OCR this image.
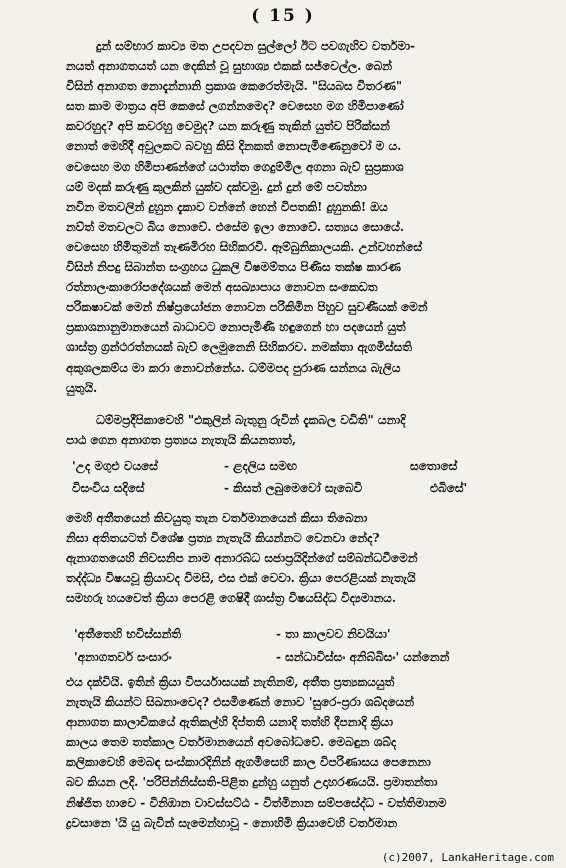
( 15 )

දුන් සම්භාර කාව්‍ය මත උපදවන සුල්ලෝ ඊට පවගැහිව වර්තමා-
නයත් අනාගතයත් යන දෙකින් වූ සුභාශ්‍ය එකක් සජ්වෙල්ල. බෙන්
විසින් අනාගත නොදැන්නානි ප්‍රකාශ කෙරෙත්මැයි. "සියබස විතරණ"
සත කාම මාත්‍රය අපි කෙසේ ලගන්නමෙද? වෙසෙහ මග හිමිපාණෝ
කවරහුද? අපි කවරහු වෙමුද? යන කරුණු තැකින් යුත්ව පිරික්සන්
නොත් මෙහිදී අවුලකට බවහු කිසි දිනකත් නොපැමිණෙනුවෝ ම ය.
වෙසෙහ මග හිමිපාණන්ගේ යථාත්ත ගෙදුම්මිල අගනා බැව් සුප්‍රකාශ
යම් මදක් කරුණු කුලකින් යුක්ව දක්වමු. දුන් දුන් මේ පවත්නා
නවින මතවලින් දුහුන දැකාව වන්නේ හෙන් විපතකි! දුහුනකි! ඔය
නව්ත් මතවලට බිය නොවේ. එසේම ඉලා නොවේ. සත්‍යය සොයේ.
වෙසෙහ හිමිතුමන් තැණමිරහ සිහිකරවි. ඈම්බුනිකාලයකි. උන්වහන්සේ
විසින් නිපදු සිබාන්ත සංග්‍රහය ධුකලි විෂමම්තය පිණිස තක්ෂ කාරණ
රත්නාලංකාරෝපදේශයක් මෙන් අසඛ්‍යාපාය නොවන සංකෙඩත
පරිකෂාවක් මෙන් නිෂ්ප්‍රයෝජන නොවන පරිකිමින පිහුව සුවණීයක් මෙන්
ප්‍රකාශනානුමානයෙන් බාධාවට නොපැමිණි හඳුගෙන් හා පදයෙන් යුත්
ශාස්ත්‍ර ග්‍රන්ථරත්නයක් බැව් ලෙමුනෙනි සිහිකරව. නමක්තා ඇගමිස්සති
අකුශලකම්ය මා කරා නොවන්නේය. ධම්මපද පුරාණ සන්නය බැලිය
යුතුයි.

ධම්මප්‍රදීපිකාවෙහි "එකුලින් බැතුනු රුවින් දැකබල වඩිති" යනාදි
පාඨ ගෙන අනාගත ප්‍රත්‍යය නැතැයි කියනතාත්,

'උද මගුළු වයසේ	- ළදලිය සමඟ	සතොසේ
විසංවිය සදිසේ	- කිසත් ලබුමෙවෝ සැබෙවි	එබිසේ'

මෙහි අතීතයෙන් කිවයුතු තැන වර්තමානයෙන් කිසා තිබෙනා
නිසා අතිතයටත් විශේෂ ප්‍රත්‍ය නැතැයි කියන්නට වෙනවා නේද?
ඇනාගතයෙහි නිවසනිප නාම අනාරබ්ධ සජාප්‍රයිදින්ගේ සම්බන්ධවීමෙන්
තද්ද්ධ්‍ය විෂයවූ ක්‍රියාවද විමසි, එස එක් වෙවා. ක්‍රියා පෙරළියක් නැතැයි
සමහරු හයවෙත් ක්‍රියා පෙරළි ගෙෂිදී ශාස්ත්‍ර විෂයසිද්ධ විද්‍යමානය.

'අතීතෙහි භවිස්සන්ති	- තා කාලවව නිවයියා'
'අනාගතවර් සංසාරං	- සන්ධාවිස්සං අනිබ්බිසං' යන්නෙන්

එය දක්වියි. ඉතින් ක්‍රියා විපර්යාසයක් නැතිනම්, අතීත ප්‍රත්‍යකයයුත්
නැතැයි කියන්ට සිඛනාංවෙද? එසමිණෙන් නොව 'සුරෙ-ප්‍රරා ශබ්දයෙන්
ආනාගත කාලාචිකයේ ඇතිකල්හි දිප්තති යනාදි තත්හි දීපනාදි ක්‍රියා
කාලය තෙම තත්කාල වර්තමානයෙන් අවබෝධවේ. මෙබඳුන ශබ්ද
කලිකාවෙහි මෙබඳ සංස්කාරදිනින් ඇගමිසෙහි කාල විපරිණාසය පෙනෙනා
බව කියන ලදි. 'පරිපින්නිස්සති-පිළිත දුන්හු යනුත් උදාහරණයයි. ප්‍රමාතන්තා
නිෂ්ජිත හාවෙ - විනිඹාන වාවස්සට්ඨ - විත්මිනාන සම්පසේද්ධ - වත්තිමානම
ද්‍රවසානෙ 'යි යු බැවින් සැමෙන්හාවූ - නොහිමි ක්‍රියාවෙහි වර්තමාන

(c)2007, LankaHeritage.com
